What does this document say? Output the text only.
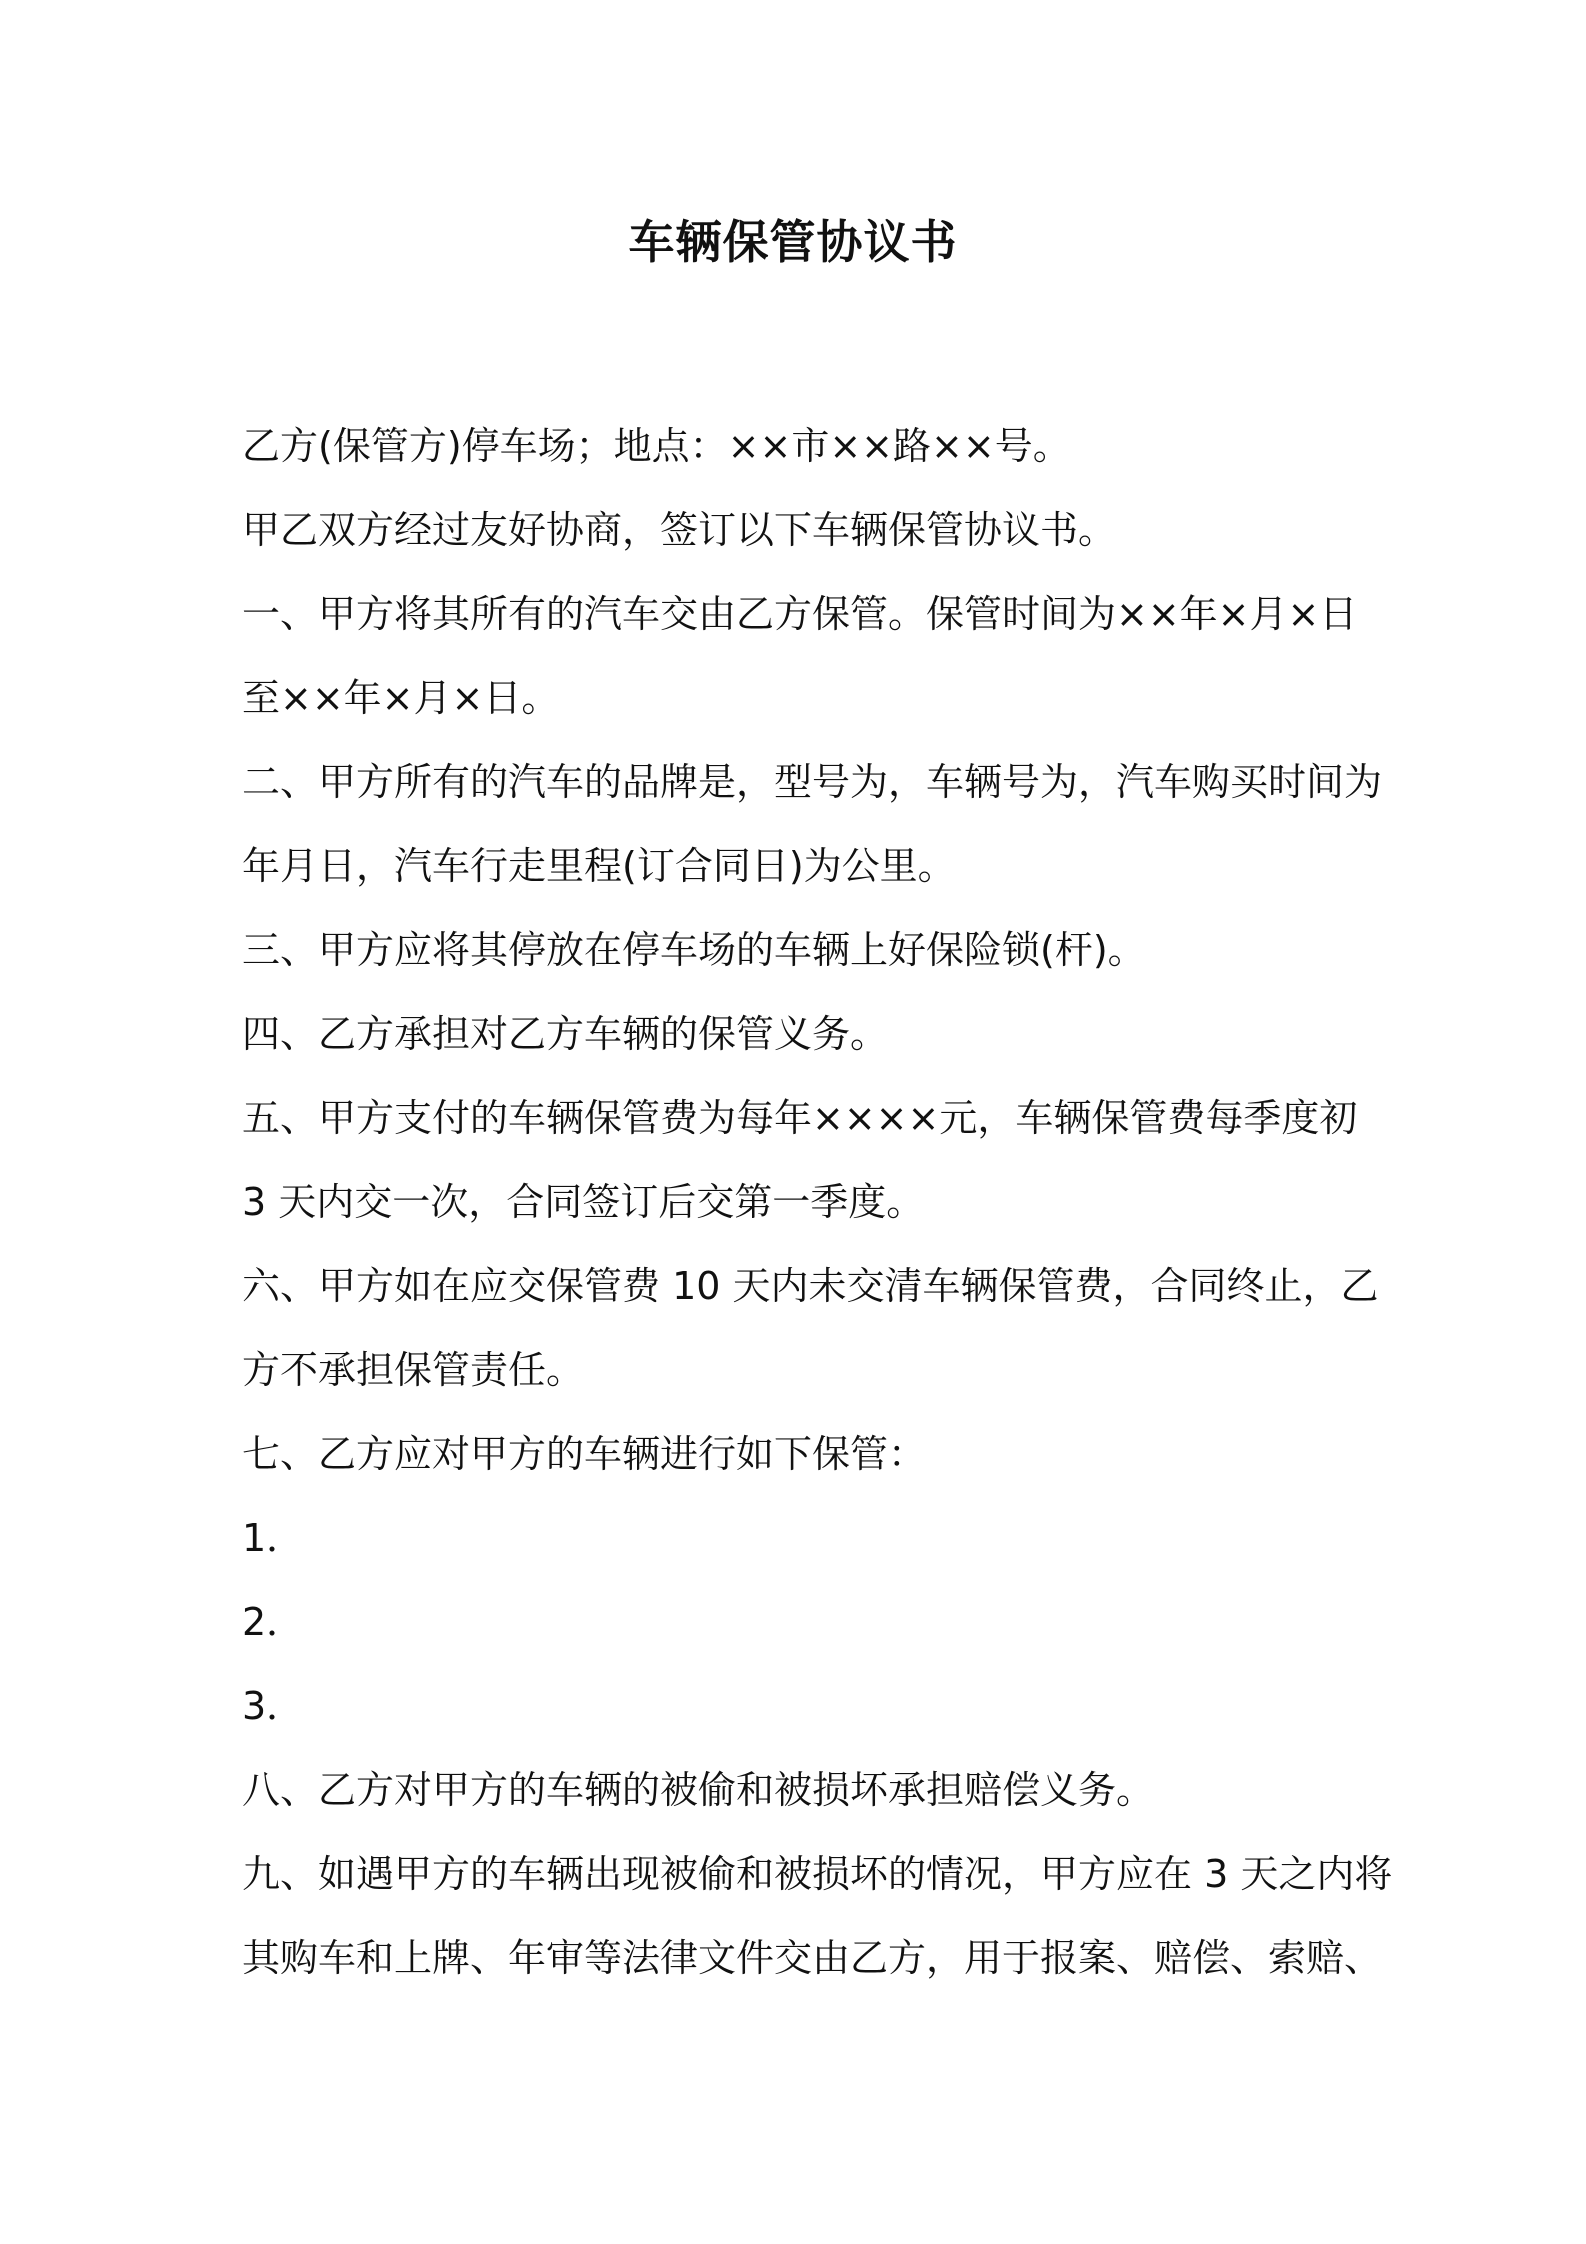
车辆保管协议书
乙方(保管方)停车场；地点：××市××路××号。
甲乙双方经过友好协商，签订以下车辆保管协议书。
一、甲方将其所有的汽车交由乙方保管。保管时间为××年×月×日
至××年×月×日。
二、甲方所有的汽车的品牌是，型号为，车辆号为，汽车购买时间为
年月日，汽车行走里程(订合同日)为公里。
三、甲方应将其停放在停车场的车辆上好保险锁(杆)。
四、乙方承担对乙方车辆的保管义务。
五、甲方支付的车辆保管费为每年××××元，车辆保管费每季度初
3 天内交一次，合同签订后交第一季度。
六、甲方如在应交保管费 10 天内未交清车辆保管费，合同终止，乙
方不承担保管责任。
七、乙方应对甲方的车辆进行如下保管：
1．
2．
3．
八、乙方对甲方的车辆的被偷和被损坏承担赔偿义务。
九、如遇甲方的车辆出现被偷和被损坏的情况，甲方应在 3 天之内将
其购车和上牌、年审等法律文件交由乙方，用于报案、赔偿、索赔、
